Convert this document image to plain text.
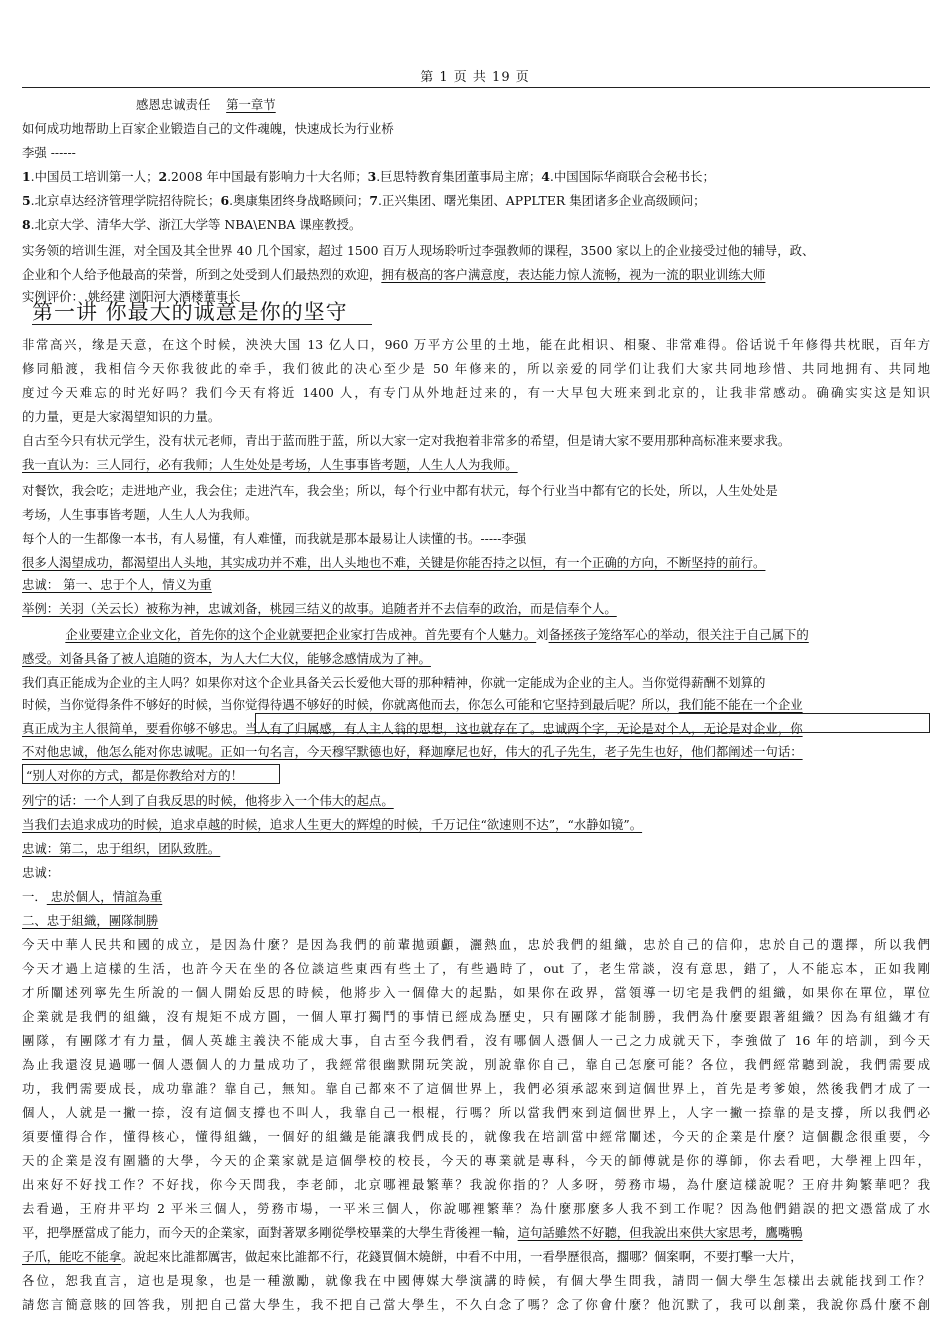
第 1 页 共 19 页
感恩忠诚责任 第一章节
如何成功地帮助上百家企业锻造自己的文件魂魄，快速成长为行业桥
李强 ------
1.中国员工培训第一人；2.2008 年中国最有影响力十大名师；3.巨思特教育集团董事局主席；4.中国国际华商联合会秘书长；
5.北京卓达经济管理学院招待院长；6.奥康集团终身战略顾问；7.正兴集团、曙光集团、APPLTER 集团诸多企业高级顾问；
8.北京大学、清华大学、浙江大学等 NBA\ENBA 课座教授。
实务领的培训生涯，对全国及其全世界 40 几个国家，超过 1500 百万人现场聆听过李强教师的课程，3500 家以上的企业接受过他的辅导，政、
企业和个人给予他最高的荣誉，所到之处受到人们最热烈的欢迎，拥有极高的客户满意度，表达能力惊人流畅，视为一流的职业训练大师
实例评价：.姚经建 浏阳河大酒楼董事长
第一讲 你最大的诚意是你的坚守
非常高兴，缘是天意，在这个时候，泱泱大国 13 亿人口，960 万平方公里的土地，能在此相识、相聚、非常难得。俗话说千年修得共枕眠，百年方
修同船渡，我相信今天你我彼此的牵手，我们彼此的决心至少是 50 年修来的，所以亲爱的同学们让我们大家共同地珍惜、共同地拥有、共同地
度过今天难忘的时光好吗？我们今天有将近 1400 人，有专门从外地赶过来的，有一大早包大班来到北京的，让我非常感动。确确实实这是知识
的力量，更是大家渴望知识的力量。
自古至今只有状元学生，没有状元老师，青出于蓝而胜于蓝，所以大家一定对我抱着非常多的希望，但是请大家不要用那种高标准来要求我。
我一直认为：三人同行，必有我师；人生处处是考场，人生事事皆考题，人生人人为我师。
对餐饮，我会吃；走进地产业，我会住；走进汽车，我会坐；所以，每个行业中都有状元，每个行业当中都有它的长处，所以，人生处处是
考场，人生事事皆考题，人生人人为我师。
每个人的一生都像一本书，有人易懂，有人难懂，而我就是那本最易让人读懂的书。-----李强
很多人渴望成功，都渴望出人头地，其实成功并不难，出人头地也不难，关键是你能否持之以恒，有一个正确的方向，不断坚持的前行。
忠诚： 第一、忠于个人，情义为重
举例：关羽（关云长）被称为神，忠诚刘备，桃园三结义的故事。追随者并不去信奉的政治，而是信奉个人。
企业要建立企业文化，首先你的这个企业就要把企业家打告成神。首先要有个人魅力。刘备拯孩子笼络军心的举动，很关注于自己属下的
感受。刘备具备了被人追随的资本，为人大仁大仪，能够念感情成为了神。
我们真正能成为企业的主人吗？如果你对这个企业具备关云长爱他大哥的那种精神，你就一定能成为企业的主人。当你觉得薪酬不划算的
时候，当你觉得条件不够好的时候，当你觉得待遇不够好的时候，你就离他而去，你怎么可能和它坚持到最后呢？所以，我们能不能在一个企业
真正成为主人很简单，要看你够不够忠。当人有了归属感，有人主人翁的思想，这也就存在了。忠诚两个字，无论是对个人，无论是对企业，你
不对他忠诚，他怎么能对你忠诚呢。正如一句名言，今天穆罕默德也好，释迦摩尼也好，伟大的孔子先生，老子先生也好，他们都阐述一句话：
“别人对你的方式，都是你教给对方的！
列宁的话：一个人到了自我反思的时候，他将步入一个伟大的起点。
当我们去追求成功的时候，追求卓越的时候，追求人生更大的辉煌的时候，千万记住“欲速则不达”，“水静如镜”。
忠诚：第二，忠于组织，团队致胜。
忠诚：
一． 忠於個人，情誼為重
二、忠于組織，團隊制勝
今天中華人民共和國的成立，是因為什麼？是因為我們的前輩拋頭顱，灑熱血，忠於我們的組織，忠於自己的信仰，忠於自己的選擇，所以我們
今天才過上這樣的生活，也許今天在坐的各位談這些東西有些土了，有些過時了，out 了，老生常談，沒有意思，錯了，人不能忘本，正如我剛
才所闡述列寧先生所說的一個人開始反思的時候，他將步入一個偉大的起點，如果你在政界，當領導一切宅是我們的組織，如果你在單位，單位
企業就是我們的組織，沒有規矩不成方圓，一個人單打獨鬥的事情已經成為歷史，只有團隊才能制勝，我們為什麼要跟著組織？因為有組織才有
團隊，有團隊才有力量，個人英雄主義決不能成大事，自古至今我們看，沒有哪個人憑個人一己之力成就天下，李強做了 16 年的培訓，到今天
為止我還沒見過哪一個人憑個人的力量成功了，我經常很幽默開玩笑說，別說靠你自己，靠自己怎麼可能？各位，我們經常聽到說，我們需要成
功，我們需要成長，成功靠誰？靠自己，無知。靠自己都來不了這個世界上，我們必須承認來到這個世界上，首先是考爹娘，然後我們才成了一
個人，人就是一撇一捺，沒有這個支撐也不叫人，我靠自己一根棍，行嗎？所以當我們來到這個世界上，人字一撇一捺靠的是支撐，所以我們必
須要懂得合作，懂得核心，懂得組織，一個好的組織是能讓我們成長的，就像我在培訓當中經常闡述，今天的企業是什麼？這個觀念很重要，今
天的企業是沒有圍牆的大學，今天的企業家就是這個學校的校長，今天的專業就是專科，今天的師傅就是你的導師，你去看吧，大學裡上四年，
出來好不好找工作？不好找，你今天問我，李老師，北京哪裡最繁華？我說你指的？人多呀，勞務市場，為什麼這樣說呢？王府井夠繁華吧？我
去看過，王府井平均 2 平米三個人，勞務市場，一平米三個人，你說哪裡繁華？為什麼那麼多人我不到工作呢？因為他們錯誤的把文憑當成了水
平，把學歷當成了能力，而今天的企業家，面對著眾多剛從學校畢業的大學生背後裡一輪，這句話雖然不好聽，但我說出來供大家思考，鷹嘴鴨
子爪，能吃不能拿。說起來比誰都厲害，做起來比誰都不行，花錢買個木燒餅，中看不中用，一看學歷很高，擱哪？個案啊，不要打擊一大片，
各位，恕我直言，這也是現象，也是一種激勵，就像我在中國傳媒大學演講的時候，有個大學生問我，請問一個大學生怎樣出去就能找到工作？
請您言簡意賅的回答我，別把自己當大學生，我不把自己當大學生，不久白念了嗎？念了你會什麼？他沉默了，我可以創業，我說你爲什麼不創
